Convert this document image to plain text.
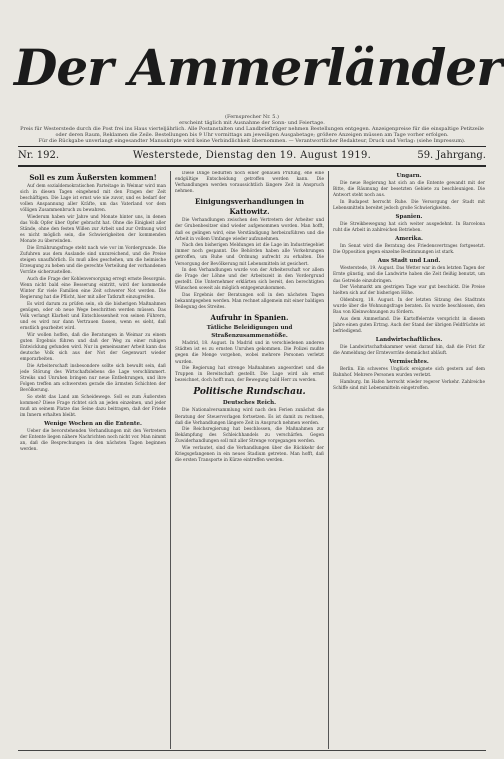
Der Ammerländer
(Fernsprecher Nr. 5.)
erscheint täglich mit Ausnahme der Sonn- und Feiertage.
Preis für Westerstede durch die Post frei ins Haus vierteljährlich. Alle Postanstalten und Landbriefträger nehmen Bestellungen entgegen. Anzeigenpreise für die einspaltige Petitzeile oder deren Raum, Reklamen die Zeile. Bestellungen bis 9 Uhr vormittags am jeweiligen Ausgabetage; größere Anzeigen müssen am Tage vorher erfolgen.
Für die Rückgabe unverlangt eingesandter Manuskripte wird keine Verbindlichkeit übernommen. — Verantwortlicher Redakteur, Druck und Verlag: (siehe Impressum).
Nr. 192.	Westerstede, Dienstag den 19. August 1919.	59. Jahrgang.
Soll es zum Äußersten kommen!

Auf dem sozialdemokratischen Parteitage in Weimar wird man sich in diesen Tagen eingehend mit den Fragen der Zeit beschäftigen. Die Lage ist ernst wie nie zuvor, und es bedarf der vollen Anspannung aller Kräfte, um das Vaterland vor dem völligen Zusammenbruch zu bewahren.

Wiederum haben wir Jahre und Monate hinter uns, in denen das Volk Opfer über Opfer gebracht hat. Ohne die Einigkeit aller Stände, ohne den festen Willen zur Arbeit und zur Ordnung wird es nicht möglich sein, die Schwierigkeiten der kommenden Monate zu überwinden.

Die Ernährungsfrage steht nach wie vor im Vordergrunde. Die Zufuhren aus dem Auslande sind unzureichend, und die Preise steigen unaufhörlich. Es muß alles geschehen, um die heimische Erzeugung zu heben und die gerechte Verteilung der vorhandenen Vorräte sicherzustellen.

Auch die Frage der Kohlenversorgung erregt ernste Besorgnis. Wenn nicht bald eine Besserung eintritt, wird der kommende Winter für viele Familien eine Zeit schwerer Not werden. Die Regierung hat die Pflicht, hier mit aller Tatkraft einzugreifen.

Es wird darum zu prüfen sein, ob die bisherigen Maßnahmen genügen, oder ob neue Wege beschritten werden müssen. Das Volk verlangt Klarheit und Entschlossenheit von seinen Führern, und es wird nur dann Vertrauen fassen, wenn es sieht, daß ernstlich gearbeitet wird.

Wir wollen hoffen, daß die Beratungen in Weimar zu einem guten Ergebnis führen und daß der Weg zu einer ruhigen Entwicklung gefunden wird. Nur in gemeinsamer Arbeit kann das deutsche Volk sich aus der Not der Gegenwart wieder emporarbeiten.

Die Arbeiterschaft insbesondere sollte sich bewußt sein, daß jede Störung des Wirtschaftslebens die Lage verschlimmert. Streiks und Unruhen bringen nur neue Entbehrungen, und ihre Folgen treffen am schwersten gerade die ärmsten Schichten der Bevölkerung.

So steht das Land am Scheidewege. Soll es zum Äußersten kommen? Diese Frage richtet sich an jeden einzelnen, und jeder muß an seinem Platze das Seine dazu beitragen, daß der Friede im Innern erhalten bleibt.

Wenige Wochen an die Entente.

Ueber die bevorstehenden Verhandlungen mit den Vertretern der Entente liegen nähere Nachrichten noch nicht vor. Man nimmt an, daß die Besprechungen in den nächsten Tagen beginnen werden.

Diese Dinge bedürfen noch einer genauen Prüfung, ehe eine endgültige Entscheidung getroffen werden kann. Die Verhandlungen werden voraussichtlich längere Zeit in Anspruch nehmen.

Einigungsverhandlungen in Kattowitz.

Die Verhandlungen zwischen den Vertretern der Arbeiter und der Grubenbesitzer sind wieder aufgenommen worden. Man hofft, daß es gelingen wird, eine Verständigung herbeizuführen und die Arbeit in vollem Umfange wieder aufzunehmen.

Nach den bisherigen Meldungen ist die Lage im Industriegebiet immer noch gespannt. Die Behörden haben alle Vorkehrungen getroffen, um Ruhe und Ordnung aufrecht zu erhalten. Die Versorgung der Bevölkerung mit Lebensmitteln ist gesichert.

In den Verhandlungen wurde von der Arbeiterschaft vor allem die Frage der Löhne und der Arbeitszeit in den Vordergrund gestellt. Die Unternehmer erklärten sich bereit, den berechtigten Wünschen soweit als möglich entgegenzukommen.

Das Ergebnis der Beratungen soll in den nächsten Tagen bekanntgegeben werden. Man rechnet allgemein mit einer baldigen Beilegung des Streites.

Aufruhr in Spanien.
Tätliche Beleidigungen und Straßenzusammenstöße.

Madrid, 18. August. In Madrid und in verschiedenen anderen Städten ist es zu ernsten Unruhen gekommen. Die Polizei mußte gegen die Menge vorgehen, wobei mehrere Personen verletzt wurden.

Die Regierung hat strenge Maßnahmen angeordnet und die Truppen in Bereitschaft gestellt. Die Lage wird als ernst bezeichnet, doch hofft man, der Bewegung bald Herr zu werden.

Politische Rundschau.
Deutsches Reich.

Die Nationalversammlung wird nach den Ferien zunächst die Beratung der Steuervorlagen fortsetzen. Es ist damit zu rechnen, daß die Verhandlungen längere Zeit in Anspruch nehmen werden.

Die Reichsregierung hat beschlossen, die Maßnahmen zur Bekämpfung des Schleichhandels zu verschärfen. Gegen Zuwiderhandlungen soll mit aller Strenge vorgegangen werden.

Wie verlautet, sind die Verhandlungen über die Rückkehr der Kriegsgefangenen in ein neues Stadium getreten. Man hofft, daß die ersten Transporte in Kürze eintreffen werden.

Ungarn.

Die neue Regierung hat sich an die Entente gewandt mit der Bitte, die Räumung der besetzten Gebiete zu beschleunigen. Die Antwort steht noch aus.

In Budapest herrscht Ruhe. Die Versorgung der Stadt mit Lebensmitteln bereitet jedoch große Schwierigkeiten.

Spanien.

Die Streikbewegung hat sich weiter ausgedehnt. In Barcelona ruht die Arbeit in zahlreichen Betrieben.

Amerika.

Im Senat wird die Beratung des Friedensvertrages fortgesetzt. Die Opposition gegen einzelne Bestimmungen ist stark.

Aus Stadt und Land.

Westerstede, 19. August. Das Wetter war in den letzten Tagen der Ernte günstig, und die Landwirte haben die Zeit fleißig benutzt, um das Getreide einzubringen.

Der Viehmarkt am gestrigen Tage war gut beschickt. Die Preise hielten sich auf der bisherigen Höhe.

Oldenburg, 18. August. In der letzten Sitzung des Stadtrats wurde über die Wohnungsfrage beraten. Es wurde beschlossen, den Bau von Kleinwohnungen zu fördern.

Aus dem Ammerland. Die Kartoffelernte verspricht in diesem Jahre einen guten Ertrag. Auch der Stand der übrigen Feldfrüchte ist befriedigend.

Landwirtschaftliches.

Die Landwirtschaftskammer weist darauf hin, daß die Frist für die Anmeldung der Erntevorräte demnächst abläuft.

Vermischtes.

Berlin. Ein schweres Unglück ereignete sich gestern auf dem Bahnhof. Mehrere Personen wurden verletzt.

Hamburg. Im Hafen herrscht wieder regerer Verkehr. Zahlreiche Schiffe sind mit Lebensmitteln eingetroffen.
